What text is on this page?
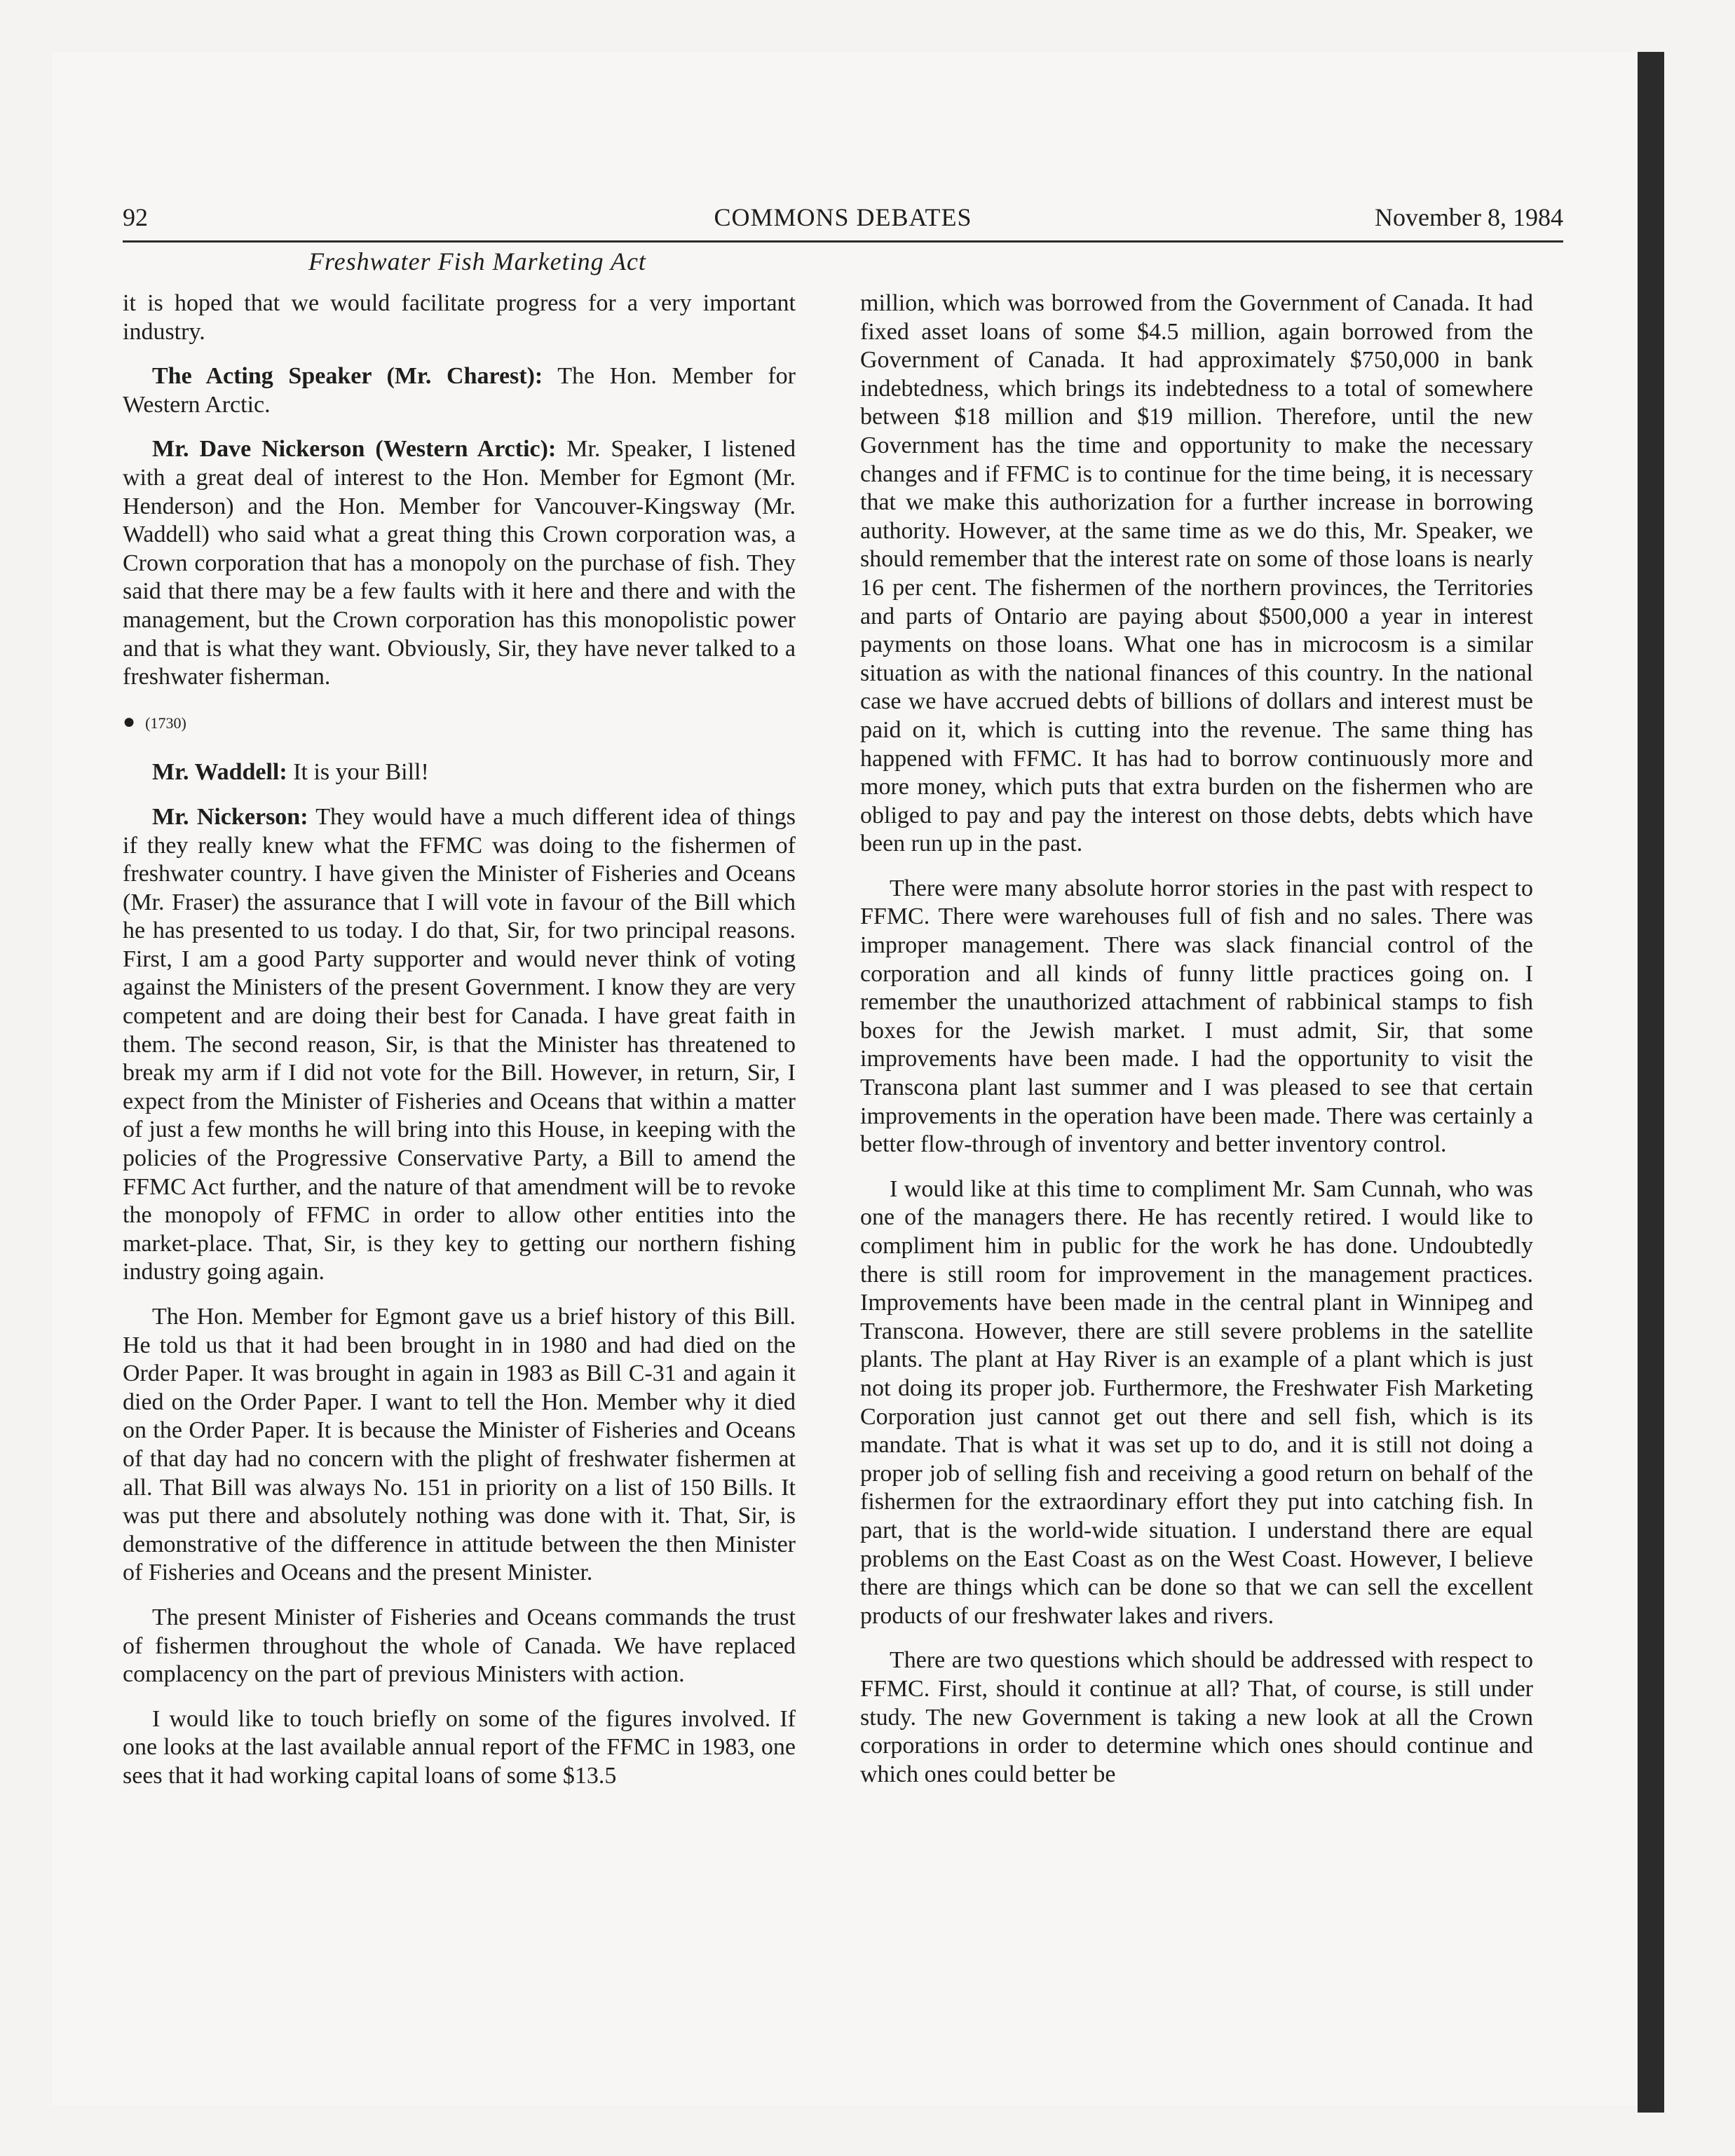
92	COMMONS DEBATES	November 8, 1984
Freshwater Fish Marketing Act

it is hoped that we would facilitate progress for a very important industry.

The Acting Speaker (Mr. Charest): The Hon. Member for Western Arctic.

Mr. Dave Nickerson (Western Arctic): Mr. Speaker, I listened with a great deal of interest to the Hon. Member for Egmont (Mr. Henderson) and the Hon. Member for Vancouver-Kingsway (Mr. Waddell) who said what a great thing this Crown corporation was, a Crown corporation that has a monopoly on the purchase of fish. They said that there may be a few faults with it here and there and with the management, but the Crown corporation has this monopolistic power and that is what they want. Obviously, Sir, they have never talked to a freshwater fisherman.

● (1730)

Mr. Waddell: It is your Bill!

Mr. Nickerson: They would have a much different idea of things if they really knew what the FFMC was doing to the fishermen of freshwater country. I have given the Minister of Fisheries and Oceans (Mr. Fraser) the assurance that I will vote in favour of the Bill which he has presented to us today. I do that, Sir, for two principal reasons. First, I am a good Party supporter and would never think of voting against the Ministers of the present Government. I know they are very competent and are doing their best for Canada. I have great faith in them. The second reason, Sir, is that the Minister has threatened to break my arm if I did not vote for the Bill. However, in return, Sir, I expect from the Minister of Fisheries and Oceans that within a matter of just a few months he will bring into this House, in keeping with the policies of the Progressive Conservative Party, a Bill to amend the FFMC Act further, and the nature of that amendment will be to revoke the monopoly of FFMC in order to allow other entities into the market-place. That, Sir, is they key to getting our northern fishing industry going again.

The Hon. Member for Egmont gave us a brief history of this Bill. He told us that it had been brought in in 1980 and had died on the Order Paper. It was brought in again in 1983 as Bill C-31 and again it died on the Order Paper. I want to tell the Hon. Member why it died on the Order Paper. It is because the Minister of Fisheries and Oceans of that day had no concern with the plight of freshwater fishermen at all. That Bill was always No. 151 in priority on a list of 150 Bills. It was put there and absolutely nothing was done with it. That, Sir, is demonstrative of the difference in attitude between the then Minister of Fisheries and Oceans and the present Minister.

The present Minister of Fisheries and Oceans commands the trust of fishermen throughout the whole of Canada. We have replaced complacency on the part of previous Ministers with action.

I would like to touch briefly on some of the figures involved. If one looks at the last available annual report of the FFMC in 1983, one sees that it had working capital loans of some $13.5

million, which was borrowed from the Government of Canada. It had fixed asset loans of some $4.5 million, again borrowed from the Government of Canada. It had approximately $750,000 in bank indebtedness, which brings its indebtedness to a total of somewhere between $18 million and $19 million. Therefore, until the new Government has the time and opportunity to make the necessary changes and if FFMC is to continue for the time being, it is necessary that we make this authorization for a further increase in borrowing authority. However, at the same time as we do this, Mr. Speaker, we should remember that the interest rate on some of those loans is nearly 16 per cent. The fishermen of the northern provinces, the Territories and parts of Ontario are paying about $500,000 a year in interest payments on those loans. What one has in microcosm is a similar situation as with the national finances of this country. In the national case we have accrued debts of billions of dollars and interest must be paid on it, which is cutting into the revenue. The same thing has happened with FFMC. It has had to borrow continuously more and more money, which puts that extra burden on the fishermen who are obliged to pay and pay the interest on those debts, debts which have been run up in the past.

There were many absolute horror stories in the past with respect to FFMC. There were warehouses full of fish and no sales. There was improper management. There was slack financial control of the corporation and all kinds of funny little practices going on. I remember the unauthorized attachment of rabbinical stamps to fish boxes for the Jewish market. I must admit, Sir, that some improvements have been made. I had the opportunity to visit the Transcona plant last summer and I was pleased to see that certain improvements in the operation have been made. There was certainly a better flow-through of inventory and better inventory control.

I would like at this time to compliment Mr. Sam Cunnah, who was one of the managers there. He has recently retired. I would like to compliment him in public for the work he has done. Undoubtedly there is still room for improvement in the management practices. Improvements have been made in the central plant in Winnipeg and Transcona. However, there are still severe problems in the satellite plants. The plant at Hay River is an example of a plant which is just not doing its proper job. Furthermore, the Freshwater Fish Marketing Corporation just cannot get out there and sell fish, which is its mandate. That is what it was set up to do, and it is still not doing a proper job of selling fish and receiving a good return on behalf of the fishermen for the extraordinary effort they put into catching fish. In part, that is the world-wide situation. I understand there are equal problems on the East Coast as on the West Coast. However, I believe there are things which can be done so that we can sell the excellent products of our freshwater lakes and rivers.

There are two questions which should be addressed with respect to FFMC. First, should it continue at all? That, of course, is still under study. The new Government is taking a new look at all the Crown corporations in order to determine which ones should continue and which ones could better be
